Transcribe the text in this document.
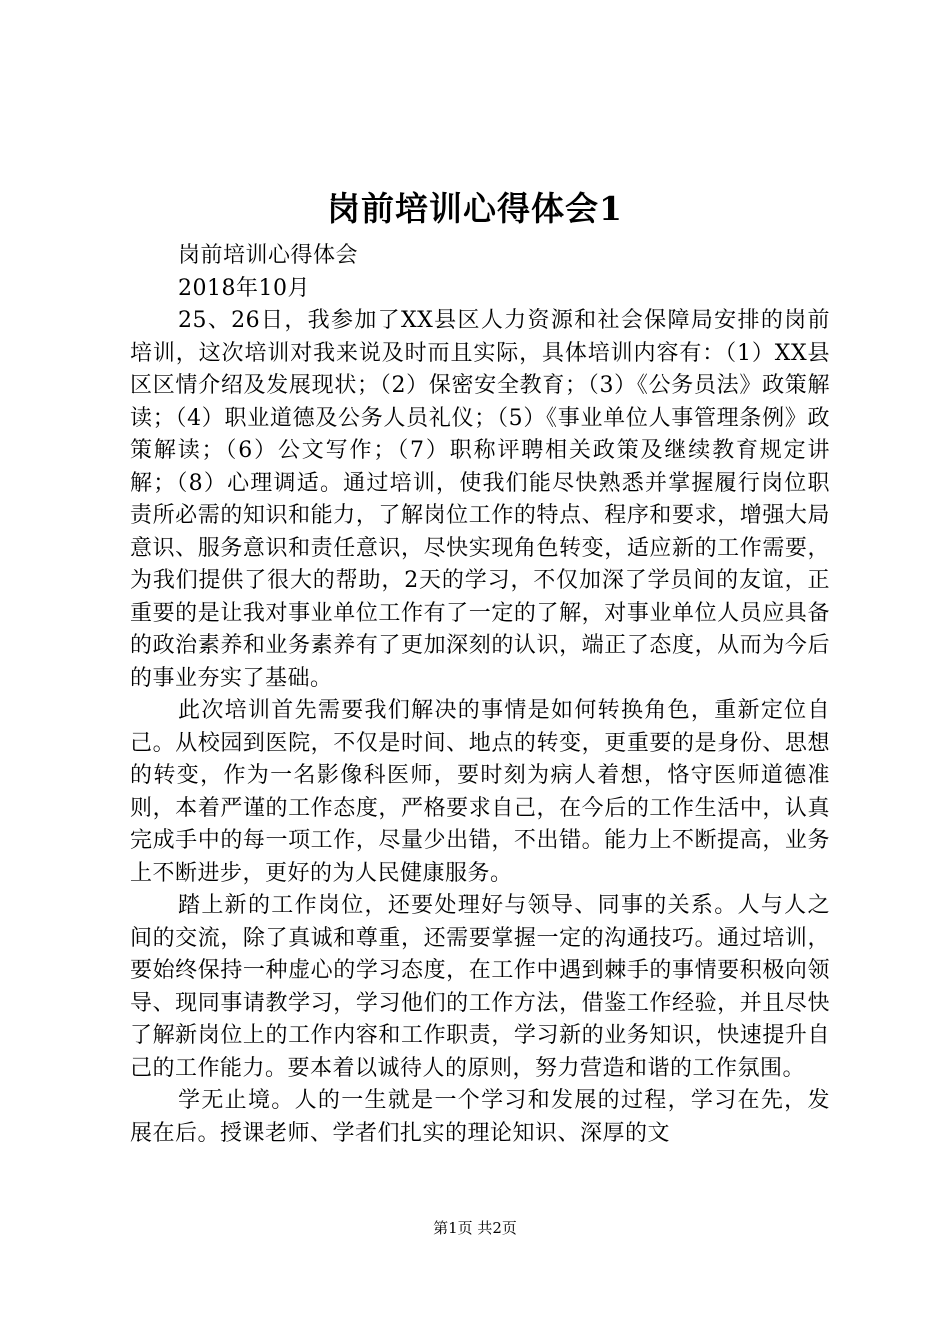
岗前培训心得体会1

岗前培训心得体会

2018年10月

25、26日，我参加了XX县区人力资源和社会保障局安排的岗前培训，这次培训对我来说及时而且实际，具体培训内容有：（1）XX县区区情介绍及发展现状；（2）保密安全教育；（3）《公务员法》政策解读；（4）职业道德及公务人员礼仪；（5）《事业单位人事管理条例》政策解读；（6）公文写作；（7）职称评聘相关政策及继续教育规定讲解；（8）心理调适。通过培训，使我们能尽快熟悉并掌握履行岗位职责所必需的知识和能力，了解岗位工作的特点、程序和要求，增强大局意识、服务意识和责任意识，尽快实现角色转变，适应新的工作需要，为我们提供了很大的帮助，2天的学习，不仅加深了学员间的友谊，正重要的是让我对事业单位工作有了一定的了解，对事业单位人员应具备的政治素养和业务素养有了更加深刻的认识，端正了态度，从而为今后的事业夯实了基础。

此次培训首先需要我们解决的事情是如何转换角色，重新定位自己。从校园到医院，不仅是时间、地点的转变，更重要的是身份、思想的转变，作为一名影像科医师，要时刻为病人着想，恪守医师道德准则，本着严谨的工作态度，严格要求自己，在今后的工作生活中，认真完成手中的每一项工作，尽量少出错，不出错。能力上不断提高，业务上不断进步，更好的为人民健康服务。

踏上新的工作岗位，还要处理好与领导、同事的关系。人与人之间的交流，除了真诚和尊重，还需要掌握一定的沟通技巧。通过培训，要始终保持一种虚心的学习态度，在工作中遇到棘手的事情要积极向领导、现同事请教学习，学习他们的工作方法，借鉴工作经验，并且尽快了解新岗位上的工作内容和工作职责，学习新的业务知识，快速提升自己的工作能力。要本着以诚待人的原则，努力营造和谐的工作氛围。

学无止境。人的一生就是一个学习和发展的过程，学习在先，发展在后。授课老师、学者们扎实的理论知识、深厚的文

第1页 共2页
